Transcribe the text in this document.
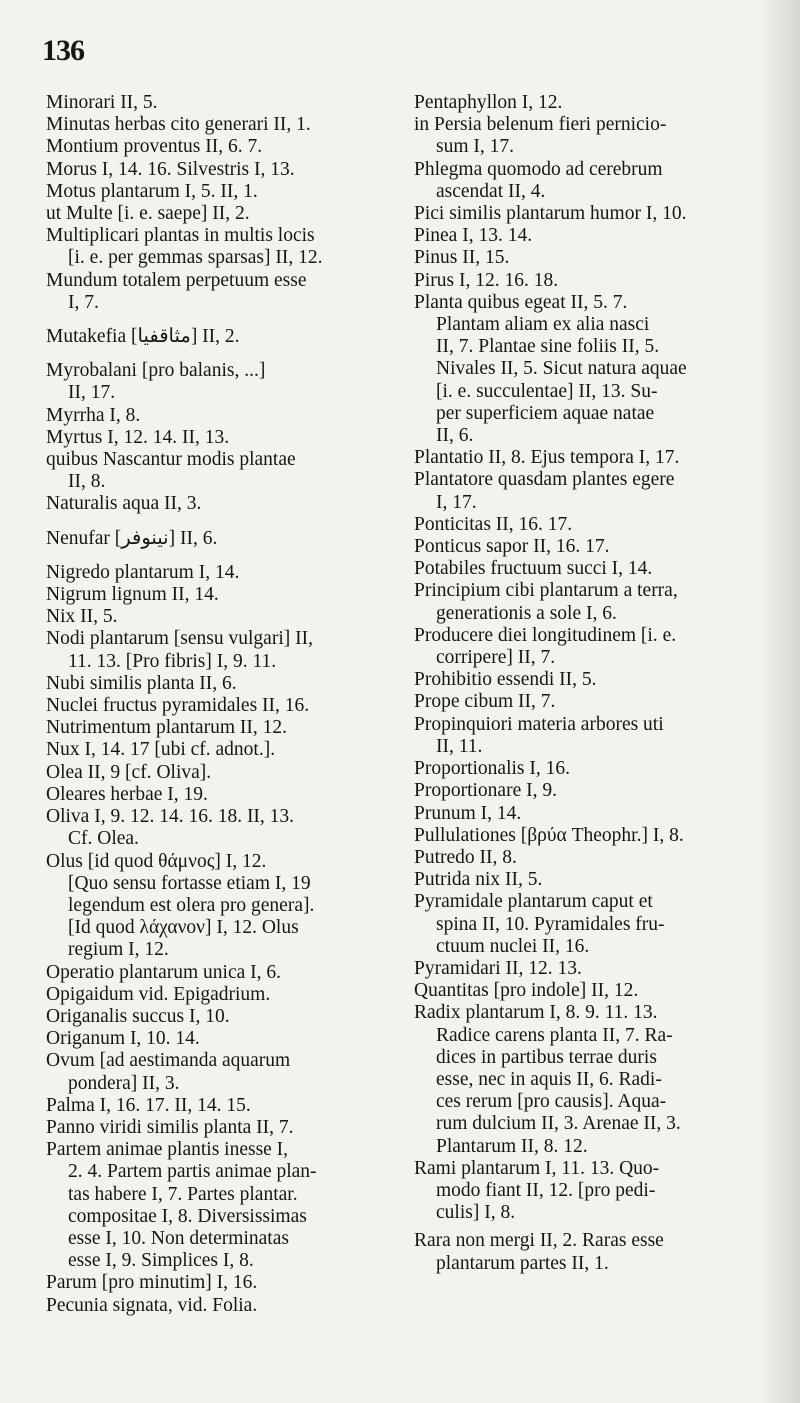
136

Minorari II, 5.

Minutas herbas cito generari II, 1.

Montium proventus II, 6. 7.

Morus I, 14. 16. Silvestris I, 13.

Motus plantarum I, 5. II, 1.

ut Multe [i. e. saepe] II, 2.

Multiplicari plantas in multis locis
[i. e. per gemmas sparsas] II, 12.

Mundum totalem perpetuum esse
I, 7.

Mutakefia [مثاقفيا] II, 2.

Myrobalani [pro balanis, ...]
II, 17.

Myrrha I, 8.

Myrtus I, 12. 14. II, 13.

quibus Nascantur modis plantae
II, 8.

Naturalis aqua II, 3.

Nenufar [نينوفر] II, 6.

Nigredo plantarum I, 14.

Nigrum lignum II, 14.

Nix II, 5.

Nodi plantarum [sensu vulgari] II,
11. 13. [Pro fibris] I, 9. 11.

Nubi similis planta II, 6.

Nuclei fructus pyramidales II, 16.

Nutrimentum plantarum II, 12.

Nux I, 14. 17 [ubi cf. adnot.].

Olea II, 9 [cf. Oliva].

Oleares herbae I, 19.

Oliva I, 9. 12. 14. 16. 18. II, 13.
Cf. Olea.

Olus [id quod θάμνος] I, 12.
[Quo sensu fortasse etiam I, 19
legendum est olera pro genera].
[Id quod λάχανον] I, 12. Olus
regium I, 12.

Operatio plantarum unica I, 6.

Opigaidum vid. Epigadrium.

Origanalis succus I, 10.

Origanum I, 10. 14.

Ovum [ad aestimanda aquarum
pondera] II, 3.

Palma I, 16. 17. II, 14. 15.

Panno viridi similis planta II, 7.

Partem animae plantis inesse I,
2. 4. Partem partis animae plan-
tas habere I, 7. Partes plantar.
compositae I, 8. Diversissimas
esse I, 10. Non determinatas
esse I, 9. Simplices I, 8.

Parum [pro minutim] I, 16.

Pecunia signata, vid. Folia.

Pentaphyllon I, 12.

in Persia belenum fieri pernicio-
sum I, 17.

Phlegma quomodo ad cerebrum
ascendat II, 4.

Pici similis plantarum humor I, 10.

Pinea I, 13. 14.

Pinus II, 15.

Pirus I, 12. 16. 18.

Planta quibus egeat II, 5. 7.
Plantam aliam ex alia nasci
II, 7. Plantae sine foliis II, 5.
Nivales II, 5. Sicut natura aquae
[i. e. succulentae] II, 13. Su-
per superficiem aquae natae
II, 6.

Plantatio II, 8. Ejus tempora I, 17.

Plantatore quasdam plantes egere
I, 17.

Ponticitas II, 16. 17.

Ponticus sapor II, 16. 17.

Potabiles fructuum succi I, 14.

Principium cibi plantarum a terra,
generationis a sole I, 6.

Producere diei longitudinem [i. e.
corripere] II, 7.

Prohibitio essendi II, 5.

Prope cibum II, 7.

Propinquiori materia arbores uti
II, 11.

Proportionalis I, 16.

Proportionare I, 9.

Prunum I, 14.

Pullulationes [βρύα Theophr.] I, 8.

Putredo II, 8.

Putrida nix II, 5.

Pyramidale plantarum caput et
spina II, 10. Pyramidales fru-
ctuum nuclei II, 16.

Pyramidari II, 12. 13.

Quantitas [pro indole] II, 12.

Radix plantarum I, 8. 9. 11. 13.
Radice carens planta II, 7. Ra-
dices in partibus terrae duris
esse, nec in aquis II, 6. Radi-
ces rerum [pro causis]. Aqua-
rum dulcium II, 3. Arenae II, 3.
Plantarum II, 8. 12.

Rami plantarum I, 11. 13. Quo-
modo fiant II, 12. [pro pedi-
culis] I, 8.

Rara non mergi II, 2. Raras esse
plantarum partes II, 1.
